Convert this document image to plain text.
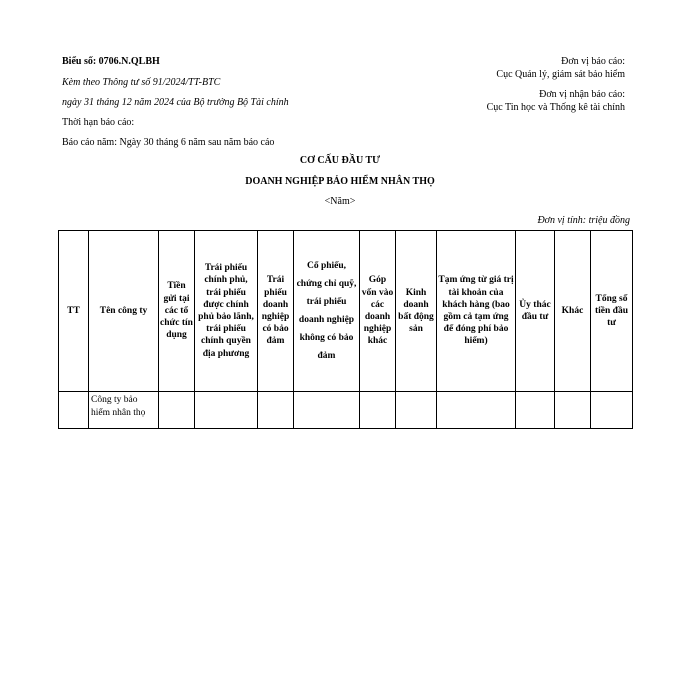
Biểu số: 0706.N.QLBH
Kèm theo Thông tư số 91/2024/TT-BTC
ngày 31 tháng 12 năm 2024 của Bộ trưởng Bộ Tài chính
Thời hạn báo cáo:
Báo cáo năm: Ngày 30 tháng 6 năm sau năm báo cáo
Đơn vị báo cáo:
Cục Quản lý, giám sát bảo hiểm
Đơn vị nhận báo cáo:
Cục Tin học và Thống kê tài chính
CƠ CẤU ĐẦU TƯ
DOANH NGHIỆP BẢO HIỂM NHÂN THỌ
<Năm>
Đơn vị tính: triệu đồng
TT	Tên công ty	Tiền gửi tại các tổ chức tín dụng	Trái phiếu chính phủ, trái phiếu được chính phủ bảo lãnh, trái phiếu chính quyền địa phương	Trái phiếu doanh nghiệp có bảo đảm	Cổ phiếu, chứng chỉ quỹ, trái phiếu doanh nghiệp không có bảo đảm	Góp vốn vào các doanh nghiệp khác	Kinh doanh bất động sản	Tạm ứng từ giá trị tài khoản của khách hàng (bao gồm cả tạm ứng để đóng phí bảo hiểm)	Ủy thác đầu tư	Khác	Tổng số tiền đầu tư
	Công ty bảo hiểm nhân thọ										
